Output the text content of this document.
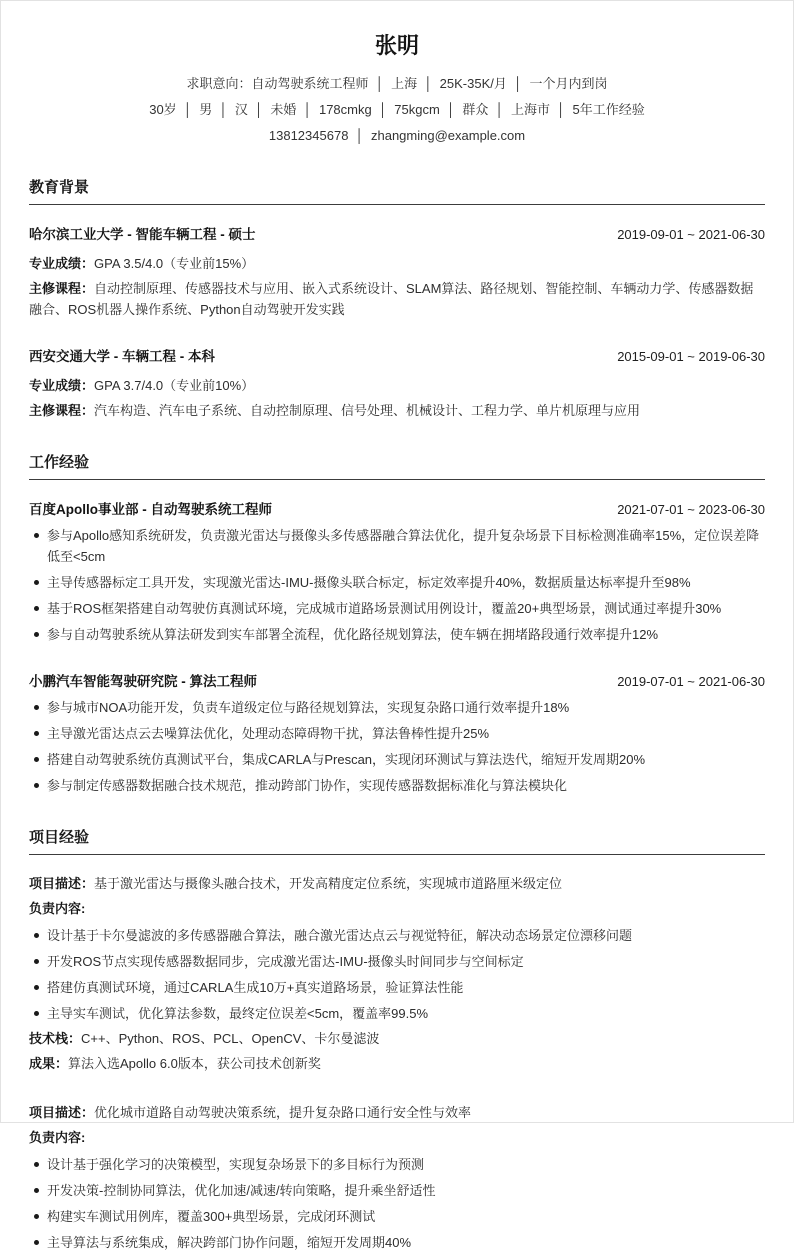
张明
求职意向：自动驾驶系统工程师  │  上海  │  25K-35K/月  │  一个月内到岗
30岁  │  男  │  汉  │  未婚  │  178cmkg  │  75kgcm  │  群众  │  上海市  │  5年工作经验
13812345678  │  zhangming@example.com
教育背景
哈尔滨工业大学 - 智能车辆工程 - 硕士	2019-09-01 ~ 2021-06-30

专业成绩：GPA 3.5/4.0（专业前15%）

主修课程：自动控制原理、传感器技术与应用、嵌入式系统设计、SLAM算法、路径规划、智能控制、车辆动力学、传感器数据融合、ROS机器人操作系统、Python自动驾驶开发实践

西安交通大学 - 车辆工程 - 本科	2015-09-01 ~ 2019-06-30

专业成绩：GPA 3.7/4.0（专业前10%）

主修课程：汽车构造、汽车电子系统、自动控制原理、信号处理、机械设计、工程力学、单片机原理与应用

工作经验
百度Apollo事业部 - 自动驾驶系统工程师	2021-07-01 ~ 2023-06-30
参与Apollo感知系统研发，负责激光雷达与摄像头多传感器融合算法优化，提升复杂场景下目标检测准确率15%，定位误差降低至<5cm
主导传感器标定工具开发，实现激光雷达-IMU-摄像头联合标定，标定效率提升40%，数据质量达标率提升至98%
基于ROS框架搭建自动驾驶仿真测试环境，完成城市道路场景测试用例设计，覆盖20+典型场景，测试通过率提升30%
参与自动驾驶系统从算法研发到实车部署全流程，优化路径规划算法，使车辆在拥堵路段通行效率提升12%
小鹏汽车智能驾驶研究院 - 算法工程师	2019-07-01 ~ 2021-06-30
参与城市NOA功能开发，负责车道级定位与路径规划算法，实现复杂路口通行效率提升18%
主导激光雷达点云去噪算法优化，处理动态障碍物干扰，算法鲁棒性提升25%
搭建自动驾驶系统仿真测试平台，集成CARLA与Prescan，实现闭环测试与算法迭代，缩短开发周期20%
参与制定传感器数据融合技术规范，推动跨部门协作，实现传感器数据标准化与算法模块化
项目经验

项目描述：基于激光雷达与摄像头融合技术，开发高精度定位系统，实现城市道路厘米级定位

负责内容:

设计基于卡尔曼滤波的多传感器融合算法，融合激光雷达点云与视觉特征，解决动态场景定位漂移问题
开发ROS节点实现传感器数据同步，完成激光雷达-IMU-摄像头时间同步与空间标定
搭建仿真测试环境，通过CARLA生成10万+真实道路场景，验证算法性能
主导实车测试，优化算法参数，最终定位误差<5cm，覆盖率99.5%

技术栈：C++、Python、ROS、PCL、OpenCV、卡尔曼滤波

成果：算法入选Apollo 6.0版本，获公司技术创新奖

项目描述：优化城市道路自动驾驶决策系统，提升复杂路口通行安全性与效率

负责内容:

设计基于强化学习的决策模型，实现复杂场景下的多目标行为预测
开发决策-控制协同算法，优化加速/减速/转向策略，提升乘坐舒适性
构建实车测试用例库，覆盖300+典型场景，完成闭环测试
主导算法与系统集成，解决跨部门协作问题，缩短开发周期40%
